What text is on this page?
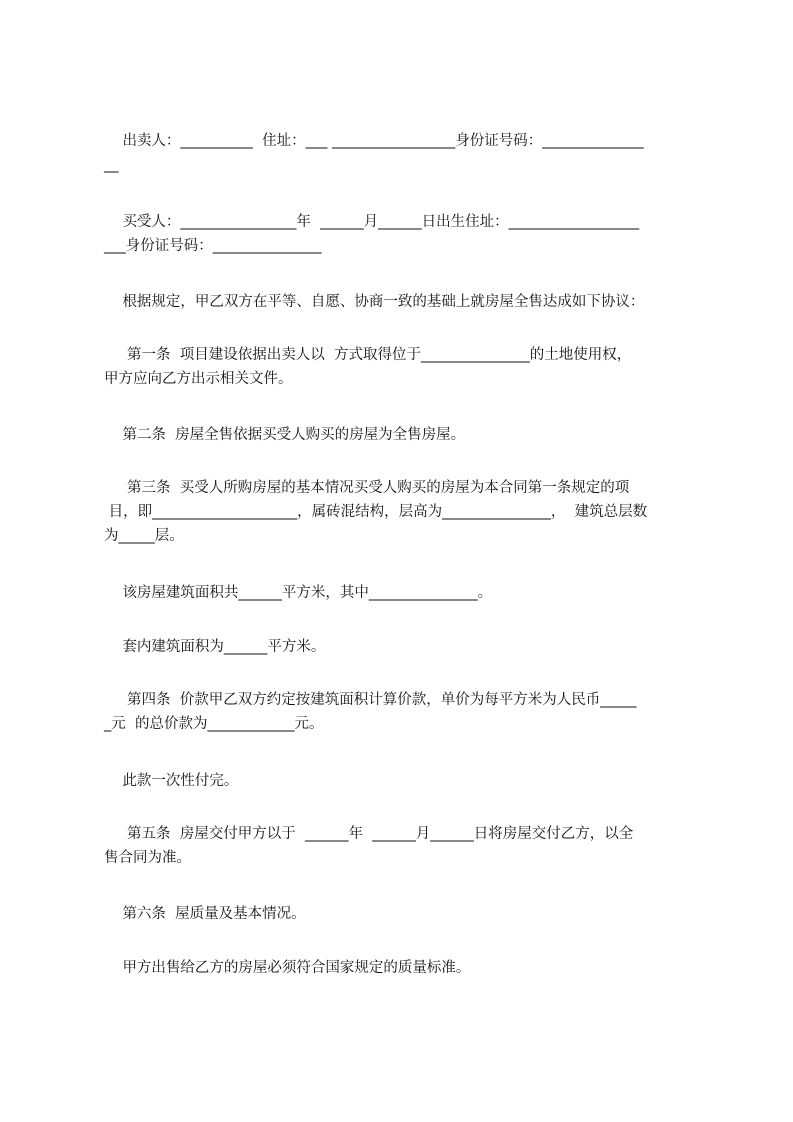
出卖人：__________  住址：___ _________________身份证号码：______________
__

买受人：________________年  ______月______日出生住址：__________________
___身份证号码：_______________

根据规定，甲乙双方在平等、自愿、协商一致的基础上就房屋全售达成如下协议：

第一条  项目建设依据出卖人以  方式取得位于_______________的土地使用权，
甲方应向乙方出示相关文件。

第二条  房屋全售依据买受人购买的房屋为全售房屋。

第三条  买受人所购房屋的基本情况买受人购买的房屋为本合同第一条规定的项
目，即____________________，属砖混结构，层高为_______________，  建筑总层数
为_____层。

该房屋建筑面积共______平方米，其中_______________。

套内建筑面积为______平方米。

第四条  价款甲乙双方约定按建筑面积计算价款，单价为每平方米为人民币_____
_元  的总价款为____________元。

此款一次性付完。

第五条  房屋交付甲方以于  ______年  ______月______日将房屋交付乙方，以全
售合同为准。

第六条  屋质量及基本情况。

甲方出售给乙方的房屋必须符合国家规定的质量标准。
